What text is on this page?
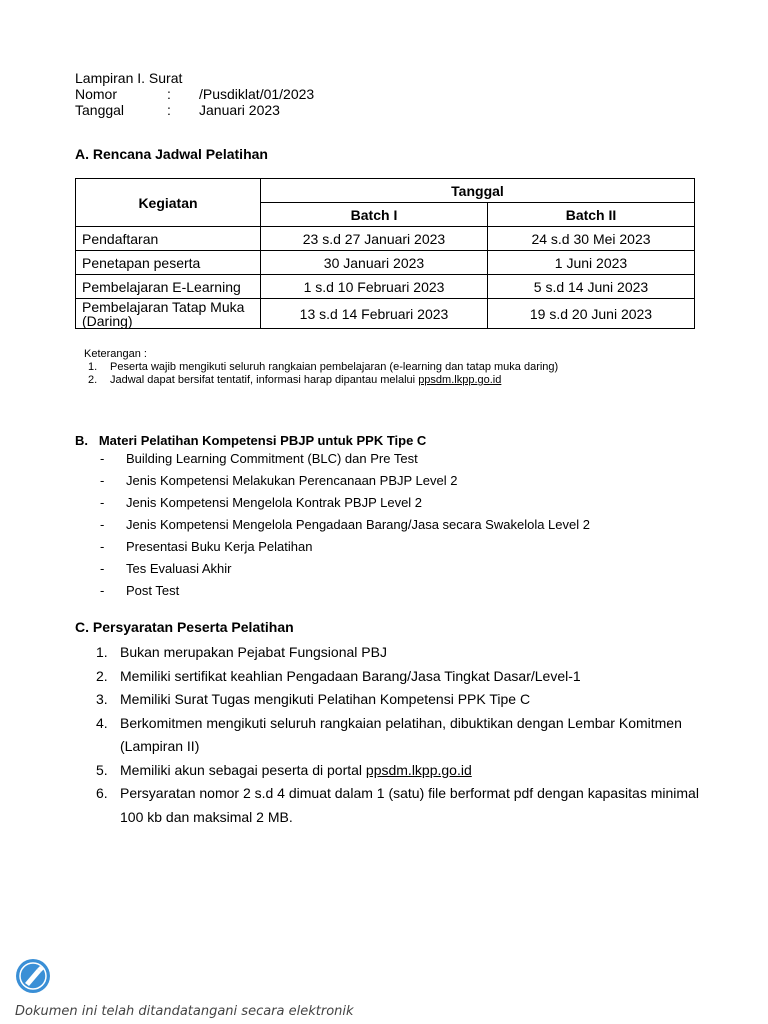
Lampiran I. Surat
Nomor	: /Pusdiklat/01/2023
Tanggal	: Januari 2023
A. Rencana Jadwal Pelatihan
Kegiatan	Tanggal	
	Batch I	Batch II
Pendaftaran	23 s.d 27 Januari 2023	24 s.d 30 Mei 2023
Penetapan peserta	30 Januari 2023	1 Juni 2023
Pembelajaran E-Learning	1 s.d 10 Februari 2023	5 s.d 14 Juni 2023
Pembelajaran Tatap Muka (Daring)	13 s.d 14 Februari 2023	19 s.d 20 Juni 2023
Keterangan :
1. Peserta wajib mengikuti seluruh rangkaian pembelajaran (e-learning dan tatap muka daring)
2. Jadwal dapat bersifat tentatif, informasi harap dipantau melalui ppsdm.lkpp.go.id
B.   Materi Pelatihan Kompetensi PBJP untuk PPK Tipe C
- Building Learning Commitment (BLC) dan Pre Test
- Jenis Kompetensi Melakukan Perencanaan PBJP Level 2
- Jenis Kompetensi Mengelola Kontrak PBJP Level 2
- Jenis Kompetensi Mengelola Pengadaan Barang/Jasa secara Swakelola Level 2
- Presentasi Buku Kerja Pelatihan
- Tes Evaluasi Akhir
- Post Test
C. Persyaratan Peserta Pelatihan
1. Bukan merupakan Pejabat Fungsional PBJ
2. Memiliki sertifikat keahlian Pengadaan Barang/Jasa Tingkat Dasar/Level-1
3. Memiliki Surat Tugas mengikuti Pelatihan Kompetensi PPK Tipe C
4. Berkomitmen mengikuti seluruh rangkaian pelatihan, dibuktikan dengan Lembar Komitmen (Lampiran II)
5. Memiliki akun sebagai peserta di portal ppsdm.lkpp.go.id
6. Persyaratan nomor 2 s.d 4 dimuat dalam 1 (satu) file berformat pdf dengan kapasitas minimal 100 kb dan maksimal 2 MB.
Dokumen ini telah ditandatangani secara elektronik
